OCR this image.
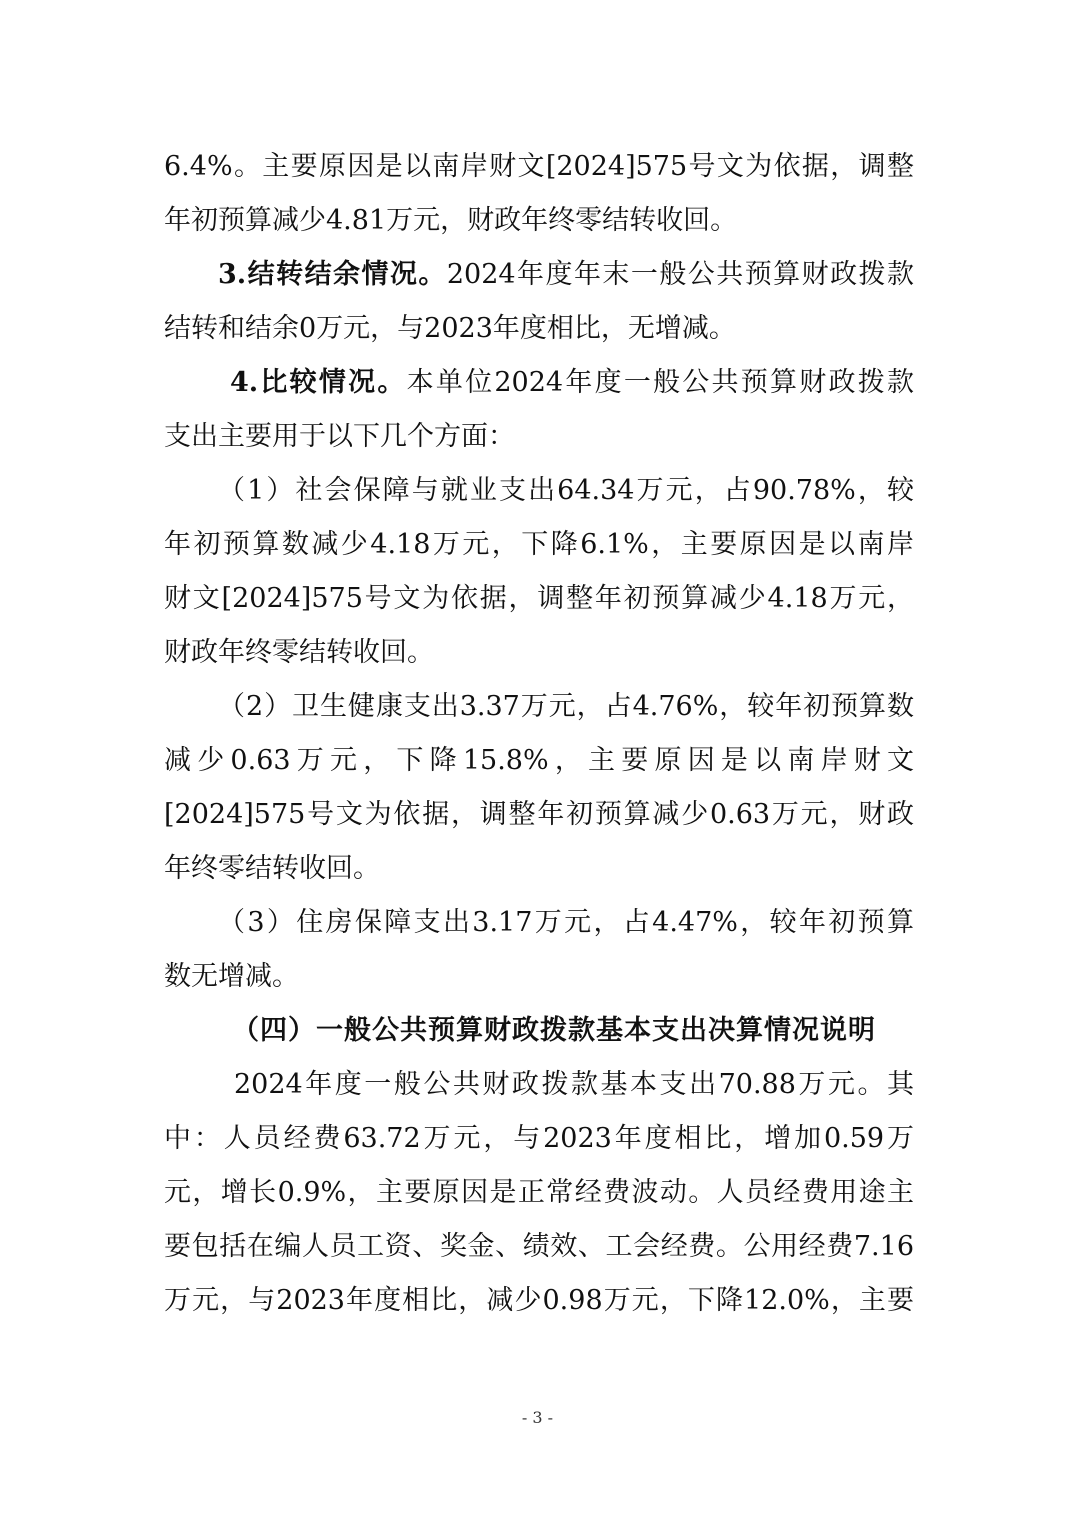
6.4%。主要原因是以南岸财文[2024]575号文为依据，调整
年初预算减少4.81万元，财政年终零结转收回。
3.结转结余情况。2024年度年末一般公共预算财政拨款
结转和结余0万元，与2023年度相比，无增减。
4.比较情况。本单位2024年度一般公共预算财政拨款
支出主要用于以下几个方面：
（1）社会保障与就业支出64.34万元，占90.78%，较
年初预算数减少4.18万元，下降6.1%，主要原因是以南岸
财文[2024]575号文为依据，调整年初预算减少4.18万元，
财政年终零结转收回。
（2）卫生健康支出3.37万元，占4.76%，较年初预算数
减少0.63万元，下降15.8%，主要原因是以南岸财文
[2024]575号文为依据，调整年初预算减少0.63万元，财政
年终零结转收回。
（3）住房保障支出3.17万元，占4.47%，较年初预算
数无增减。
（四）一般公共预算财政拨款基本支出决算情况说明
2024年度一般公共财政拨款基本支出70.88万元。其
中：人员经费63.72万元，与2023年度相比，增加0.59万
元，增长0.9%，主要原因是正常经费波动。人员经费用途主
要包括在编人员工资、奖金、绩效、工会经费。公用经费7.16
万元，与2023年度相比，减少0.98万元，下降12.0%，主要
- 3 -
